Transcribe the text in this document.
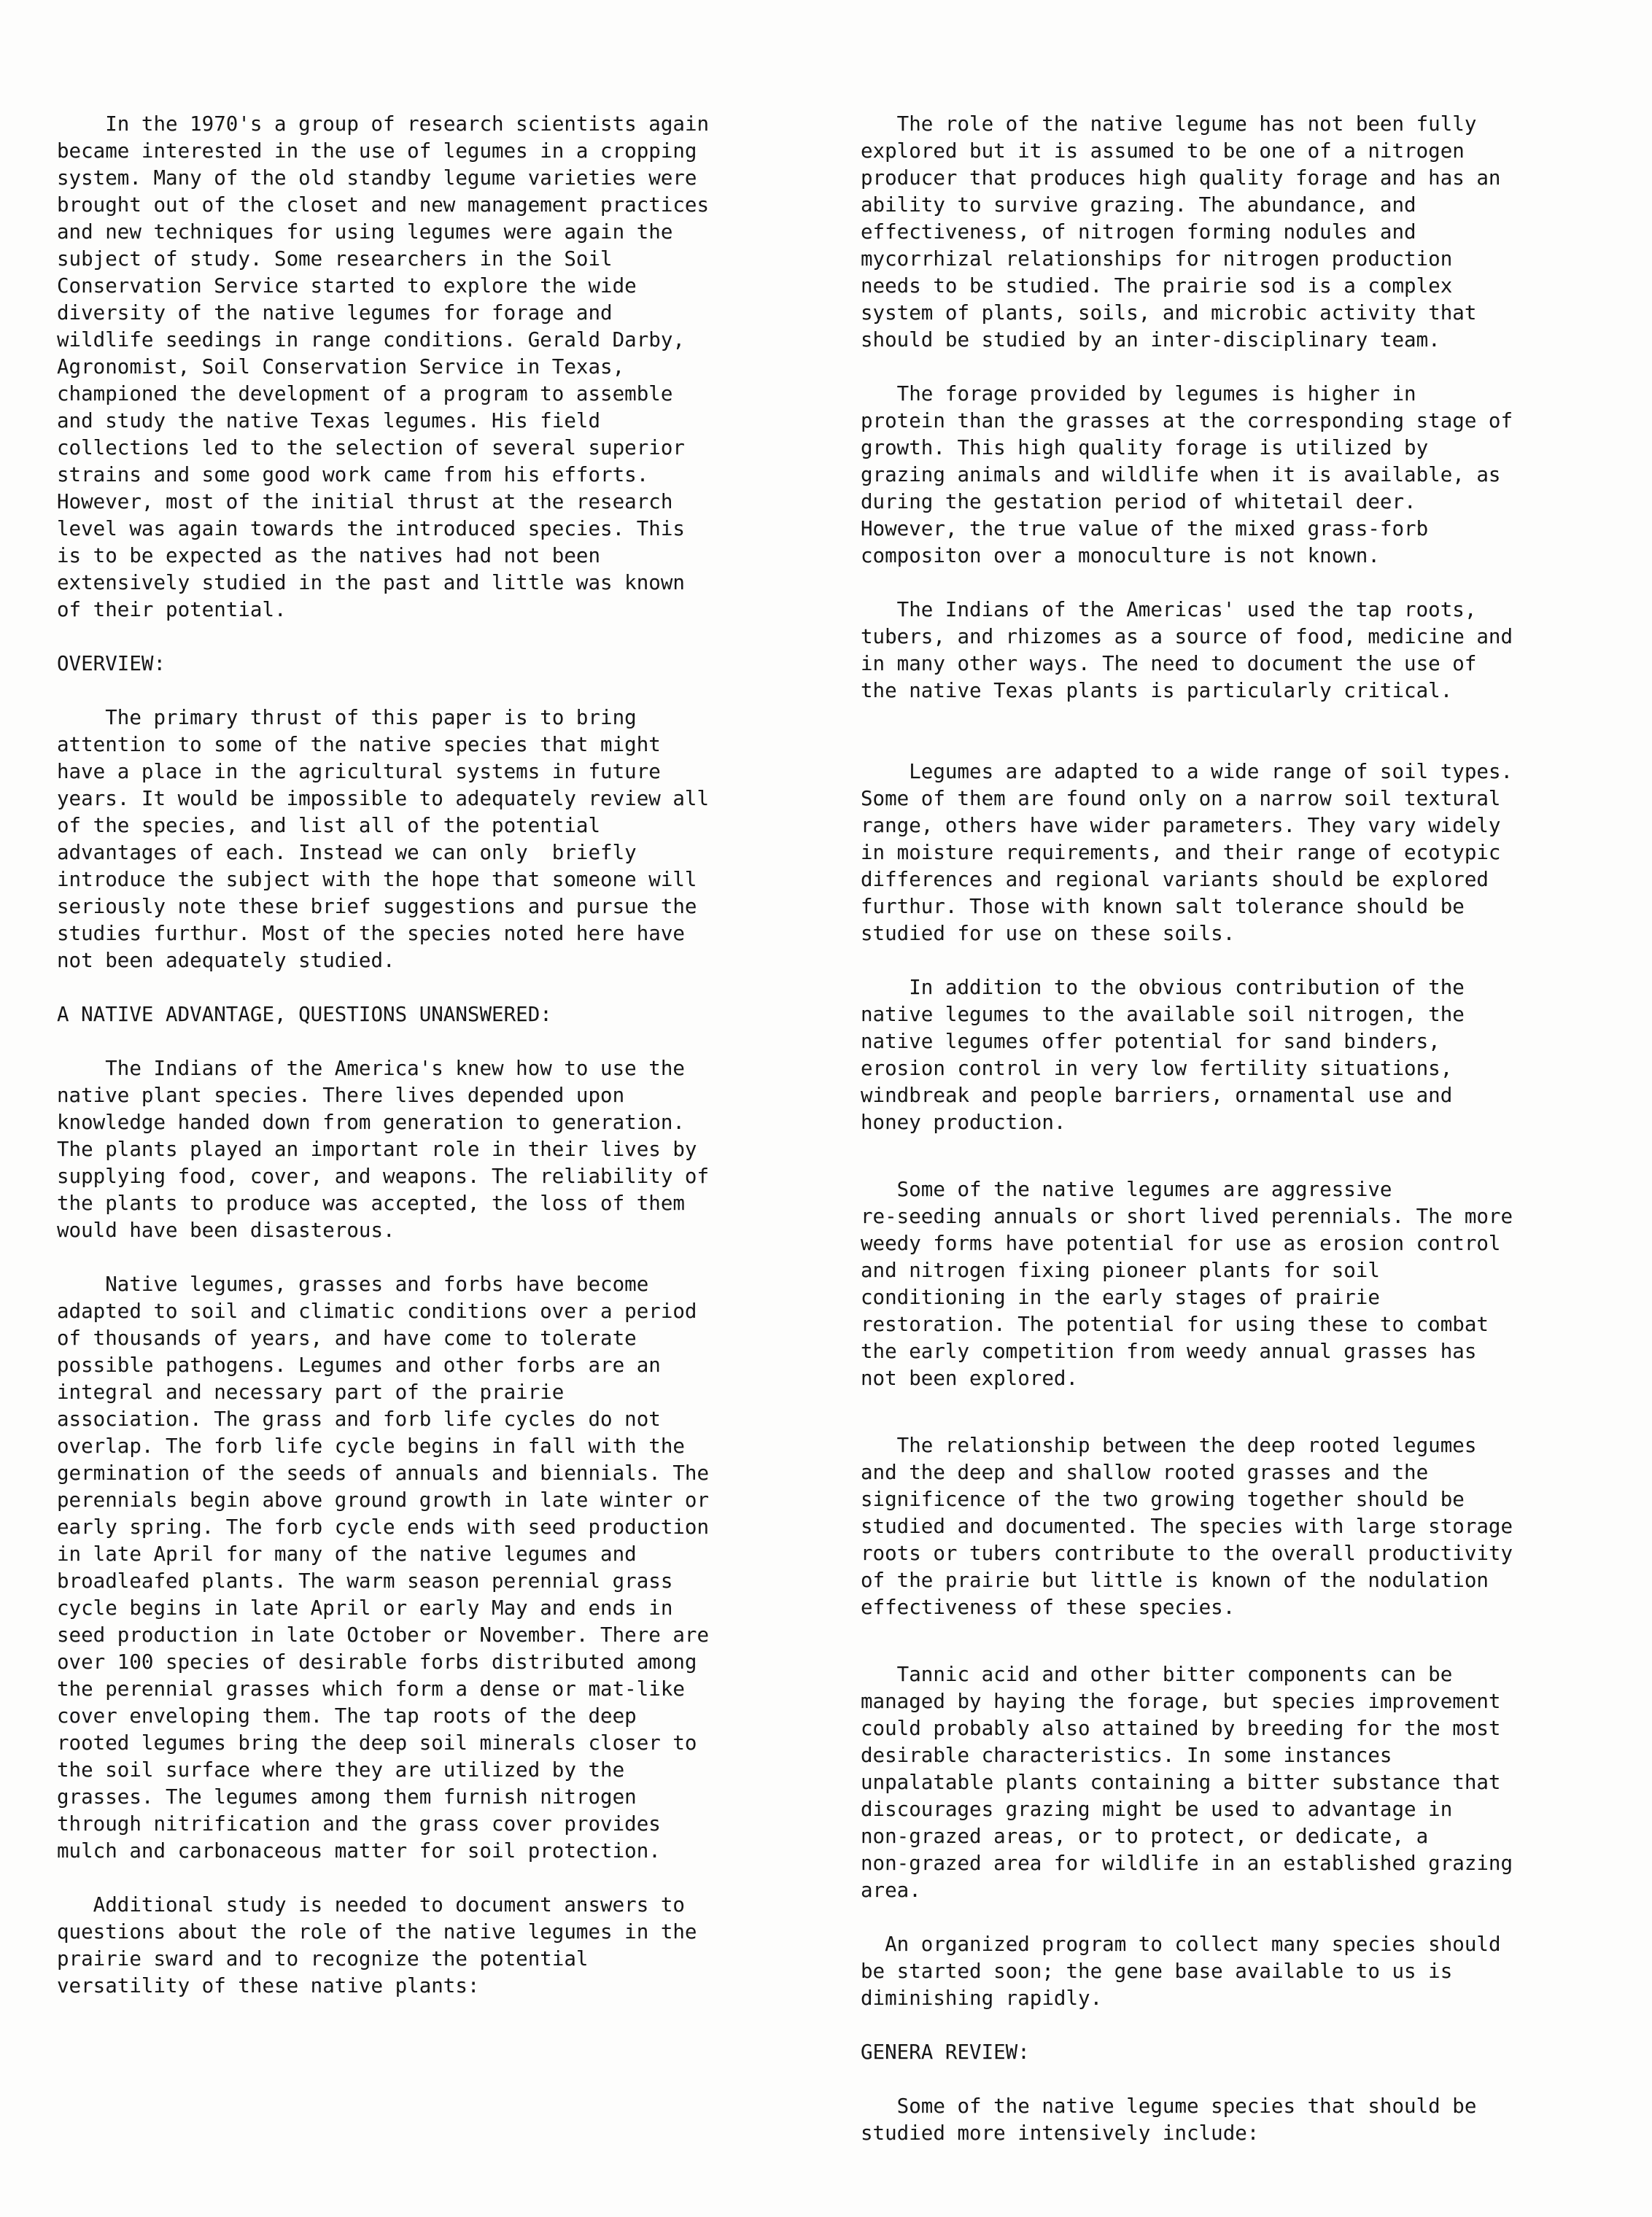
In the 1970's a group of research scientists again
became interested in the use of legumes in a cropping
system. Many of the old standby legume varieties were
brought out of the closet and new management practices
and new techniques for using legumes were again the
subject of study. Some researchers in the Soil
Conservation Service started to explore the wide
diversity of the native legumes for forage and
wildlife seedings in range conditions. Gerald Darby,
Agronomist, Soil Conservation Service in Texas,
championed the development of a program to assemble
and study the native Texas legumes. His field
collections led to the selection of several superior
strains and some good work came from his efforts.
However, most of the initial thrust at the research
level was again towards the introduced species. This
is to be expected as the natives had not been
extensively studied in the past and little was known
of their potential.
OVERVIEW:
The primary thrust of this paper is to bring
attention to some of the native species that might
have a place in the agricultural systems in future
years. It would be impossible to adequately review all
of the species, and list all of the potential
advantages of each. Instead we can only  briefly
introduce the subject with the hope that someone will
seriously note these brief suggestions and pursue the
studies furthur. Most of the species noted here have
not been adequately studied.
A NATIVE ADVANTAGE, QUESTIONS UNANSWERED:
The Indians of the America's knew how to use the
native plant species. There lives depended upon
knowledge handed down from generation to generation.
The plants played an important role in their lives by
supplying food, cover, and weapons. The reliability of
the plants to produce was accepted, the loss of them
would have been disasterous.
Native legumes, grasses and forbs have become
adapted to soil and climatic conditions over a period
of thousands of years, and have come to tolerate
possible pathogens. Legumes and other forbs are an
integral and necessary part of the prairie
association. The grass and forb life cycles do not
overlap. The forb life cycle begins in fall with the
germination of the seeds of annuals and biennials. The
perennials begin above ground growth in late winter or
early spring. The forb cycle ends with seed production
in late April for many of the native legumes and
broadleafed plants. The warm season perennial grass
cycle begins in late April or early May and ends in
seed production in late October or November. There are
over 100 species of desirable forbs distributed among
the perennial grasses which form a dense or mat-like
cover enveloping them. The tap roots of the deep
rooted legumes bring the deep soil minerals closer to
the soil surface where they are utilized by the
grasses. The legumes among them furnish nitrogen
through nitrification and the grass cover provides
mulch and carbonaceous matter for soil protection.
Additional study is needed to document answers to
questions about the role of the native legumes in the
prairie sward and to recognize the potential
versatility of these native plants:
The role of the native legume has not been fully
explored but it is assumed to be one of a nitrogen
producer that produces high quality forage and has an
ability to survive grazing. The abundance, and
effectiveness, of nitrogen forming nodules and
mycorrhizal relationships for nitrogen production
needs to be studied. The prairie sod is a complex
system of plants, soils, and microbic activity that
should be studied by an inter-disciplinary team.
The forage provided by legumes is higher in
protein than the grasses at the corresponding stage of
growth. This high quality forage is utilized by
grazing animals and wildlife when it is available, as
during the gestation period of whitetail deer.
However, the true value of the mixed grass-forb
compositon over a monoculture is not known.
The Indians of the Americas' used the tap roots,
tubers, and rhizomes as a source of food, medicine and
in many other ways. The need to document the use of
the native Texas plants is particularly critical.
Legumes are adapted to a wide range of soil types.
Some of them are found only on a narrow soil textural
range, others have wider parameters. They vary widely
in moisture requirements, and their range of ecotypic
differences and regional variants should be explored
furthur. Those with known salt tolerance should be
studied for use on these soils.
In addition to the obvious contribution of the
native legumes to the available soil nitrogen, the
native legumes offer potential for sand binders,
erosion control in very low fertility situations,
windbreak and people barriers, ornamental use and
honey production.
Some of the native legumes are aggressive
re-seeding annuals or short lived perennials. The more
weedy forms have potential for use as erosion control
and nitrogen fixing pioneer plants for soil
conditioning in the early stages of prairie
restoration. The potential for using these to combat
the early competition from weedy annual grasses has
not been explored.
The relationship between the deep rooted legumes
and the deep and shallow rooted grasses and the
significence of the two growing together should be
studied and documented. The species with large storage
roots or tubers contribute to the overall productivity
of the prairie but little is known of the nodulation
effectiveness of these species.
Tannic acid and other bitter components can be
managed by haying the forage, but species improvement
could probably also attained by breeding for the most
desirable characteristics. In some instances
unpalatable plants containing a bitter substance that
discourages grazing might be used to advantage in
non-grazed areas, or to protect, or dedicate, a
non-grazed area for wildlife in an established grazing
area.
An organized program to collect many species should
be started soon; the gene base available to us is
diminishing rapidly.
GENERA REVIEW:
Some of the native legume species that should be
studied more intensively include:
